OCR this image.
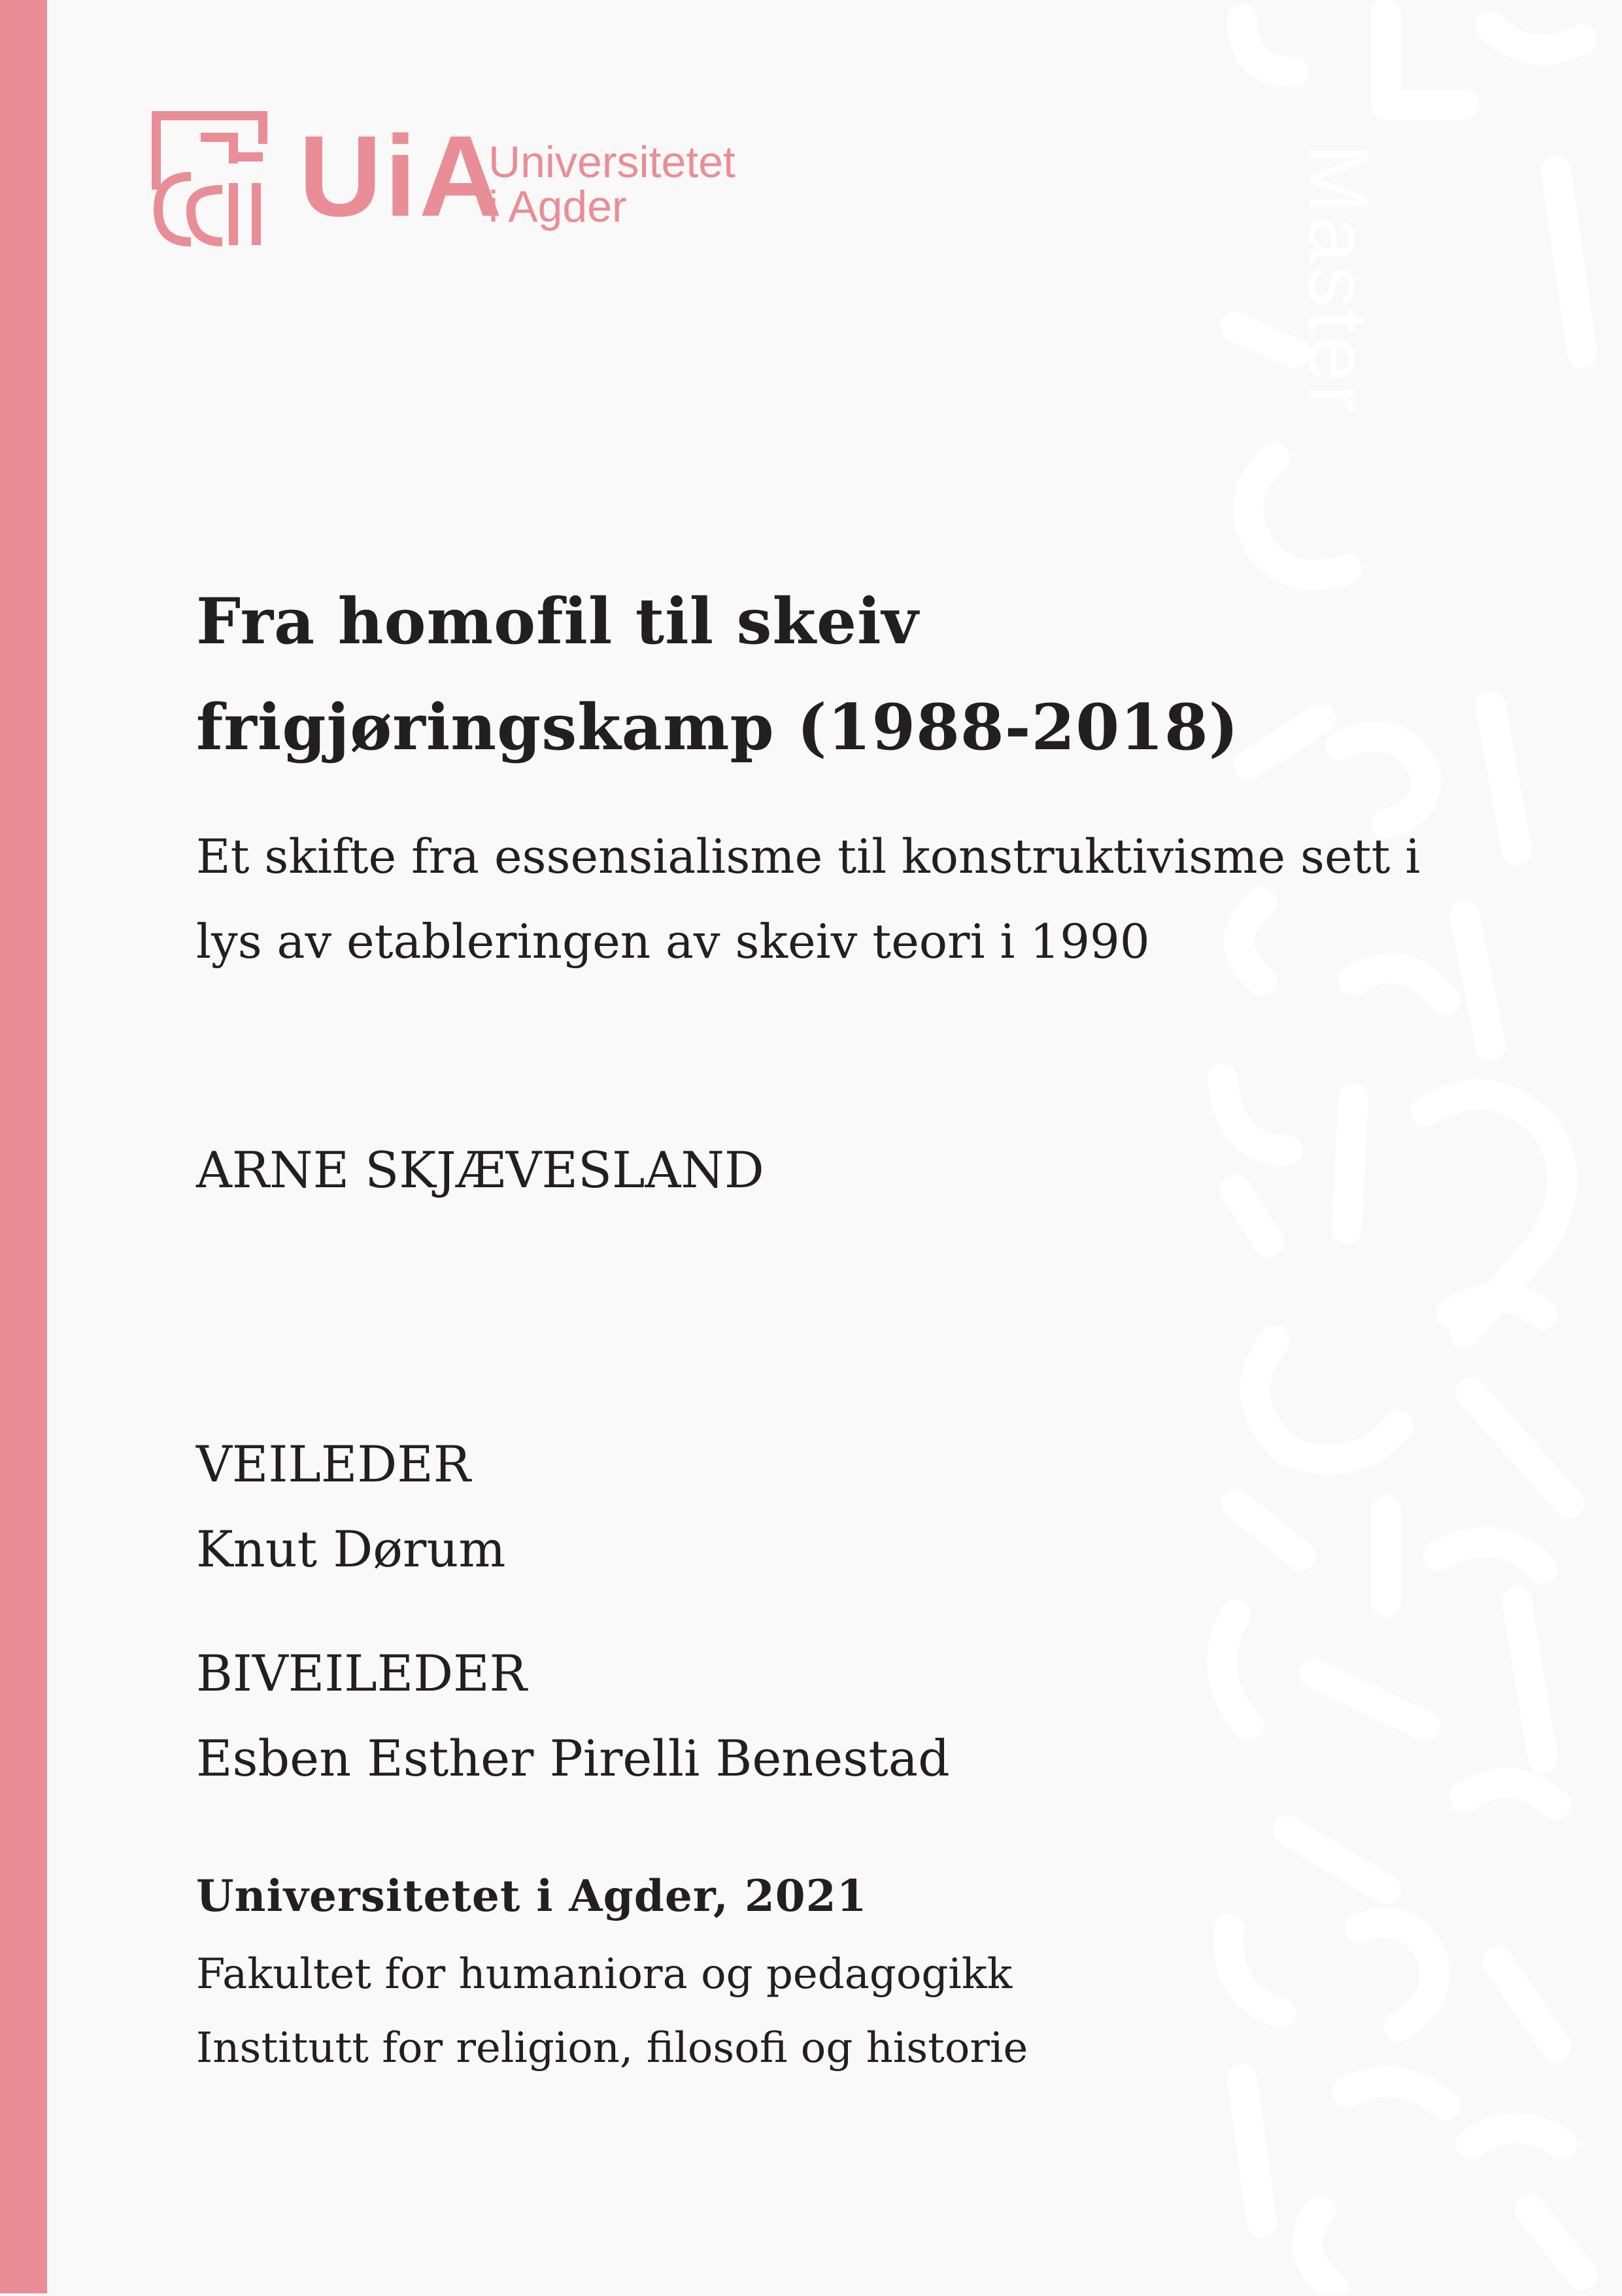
Master
UiA
Universitetet
i Agder
Fra homofil til skeiv frigjøringskamp (1988-2018)
Et skifte fra essensialisme til konstruktivisme sett i lys av etableringen av skeiv teori i 1990
ARNE SKJÆVESLAND
VEILEDER
Knut Dørum
BIVEILEDER
Esben Esther Pirelli Benestad
Universitetet i Agder, 2021
Fakultet for humaniora og pedagogikk
Institutt for religion, filosofi og historie
